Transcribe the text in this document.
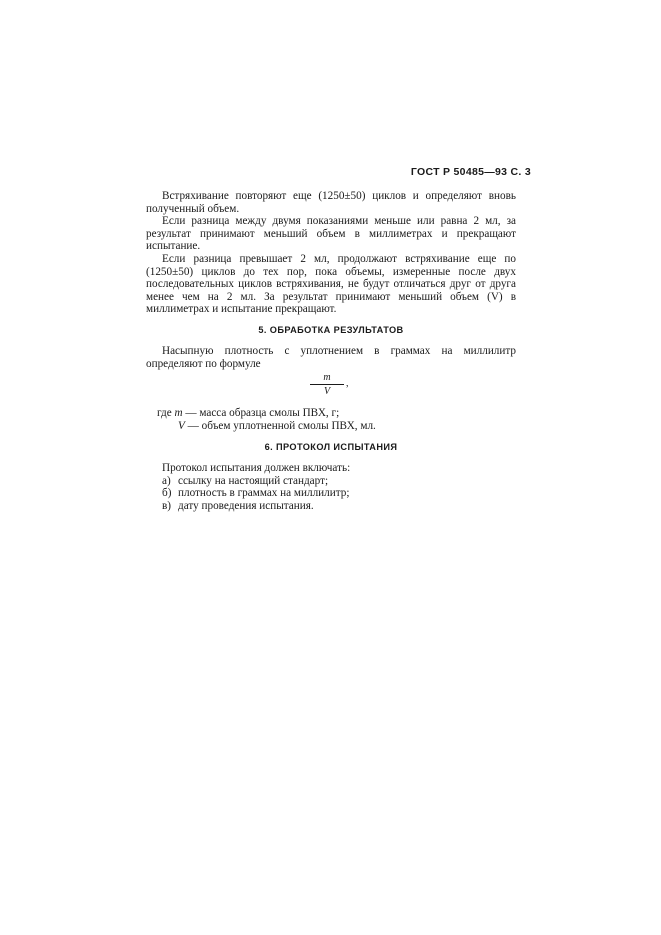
ГОСТ Р 50485—93 С. 3

Встряхивание повторяют еще (1250±50) циклов и определяют вновь полученный объем.

Если разница между двумя показаниями меньше или равна 2 мл, за результат принимают меньший объем в миллиметрах и прекращают испытание.

Если разница превышает 2 мл, продолжают встряхивание еще по (1250±50) циклов до тех пор, пока объемы, измеренные после двух последовательных циклов встряхивания, не будут отличаться друг от друга менее чем на 2 мл. За результат принимают меньший объем (V) в миллиметрах и испытание прекращают.

5. ОБРАБОТКА РЕЗУЛЬТАТОВ

Насыпную плотность с уплотнением в граммах на миллилитр определяют по формуле

m
V
,
где m — масса образца смолы ПВХ, г;
V — объем уплотненной смолы ПВХ, мл.
6. ПРОТОКОЛ ИСПЫТАНИЯ
Протокол испытания должен включать:
а) ссылку на настоящий стандарт;
б) плотность в граммах на миллилитр;
в) дату проведения испытания.
